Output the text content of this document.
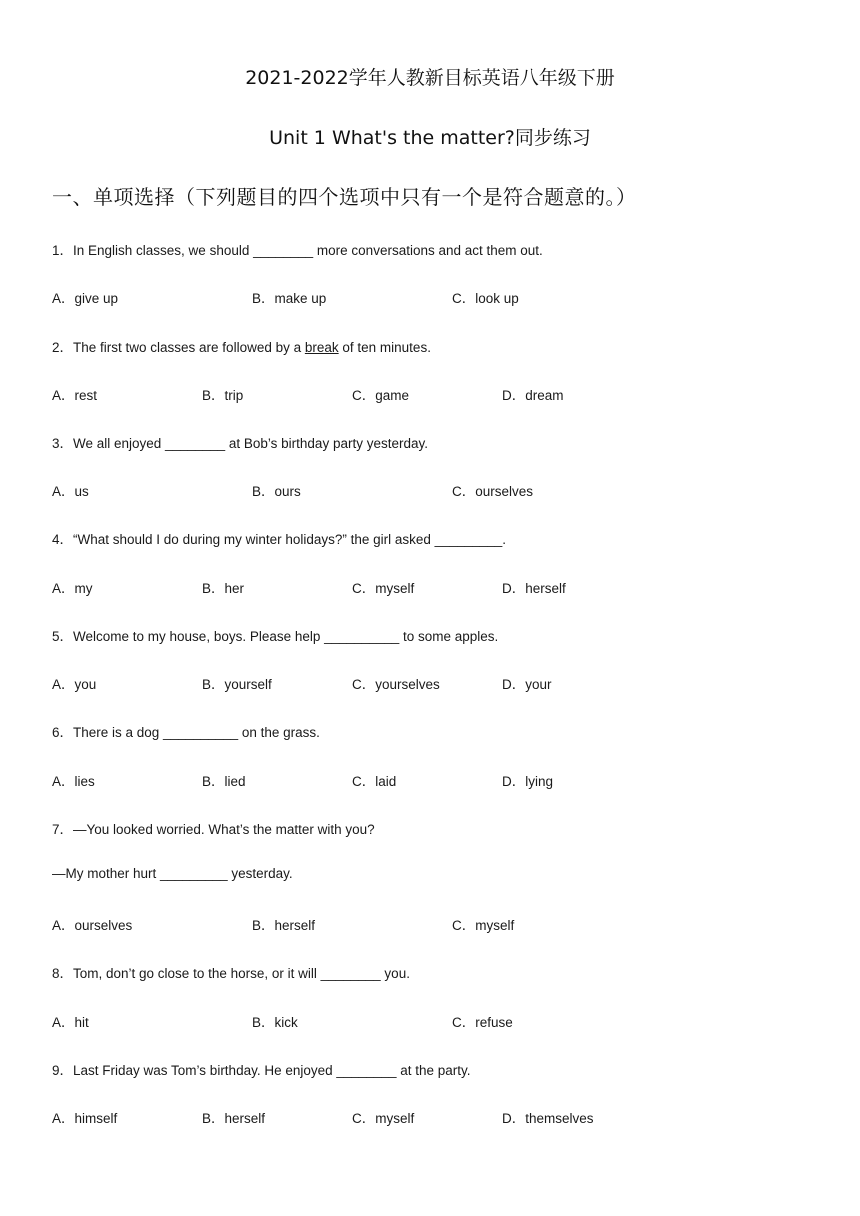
2021-2022学年人教新目标英语八年级下册
Unit 1 What's the matter?同步练习
一、单项选择（下列题目的四个选项中只有一个是符合题意的。）
1．In English classes, we should ________ more conversations and act them out.
A．give up	B．make up	C．look up
2．The first two classes are followed by a break of ten minutes.
A．rest	B．trip	C．game	D．dream
3．We all enjoyed ________ at Bob’s birthday party yesterday.
A．us	B．ours	C．ourselves
4．“What should I do during my winter holidays?” the girl asked _________.
A．my	B．her	C．myself	D．herself
5．Welcome to my house, boys. Please help __________ to some apples.
A．you	B．yourself	C．yourselves	D．your
6．There is a dog __________ on the grass.
A．lies	B．lied	C．laid	D．lying
7．—You looked worried. What’s the matter with you?
—My mother hurt _________ yesterday.
A．ourselves	B．herself	C．myself
8．Tom, don’t go close to the horse, or it will ________ you.
A．hit	B．kick	C．refuse
9．Last Friday was Tom’s birthday. He enjoyed ________ at the party.
A．himself	B．herself	C．myself	D．themselves
